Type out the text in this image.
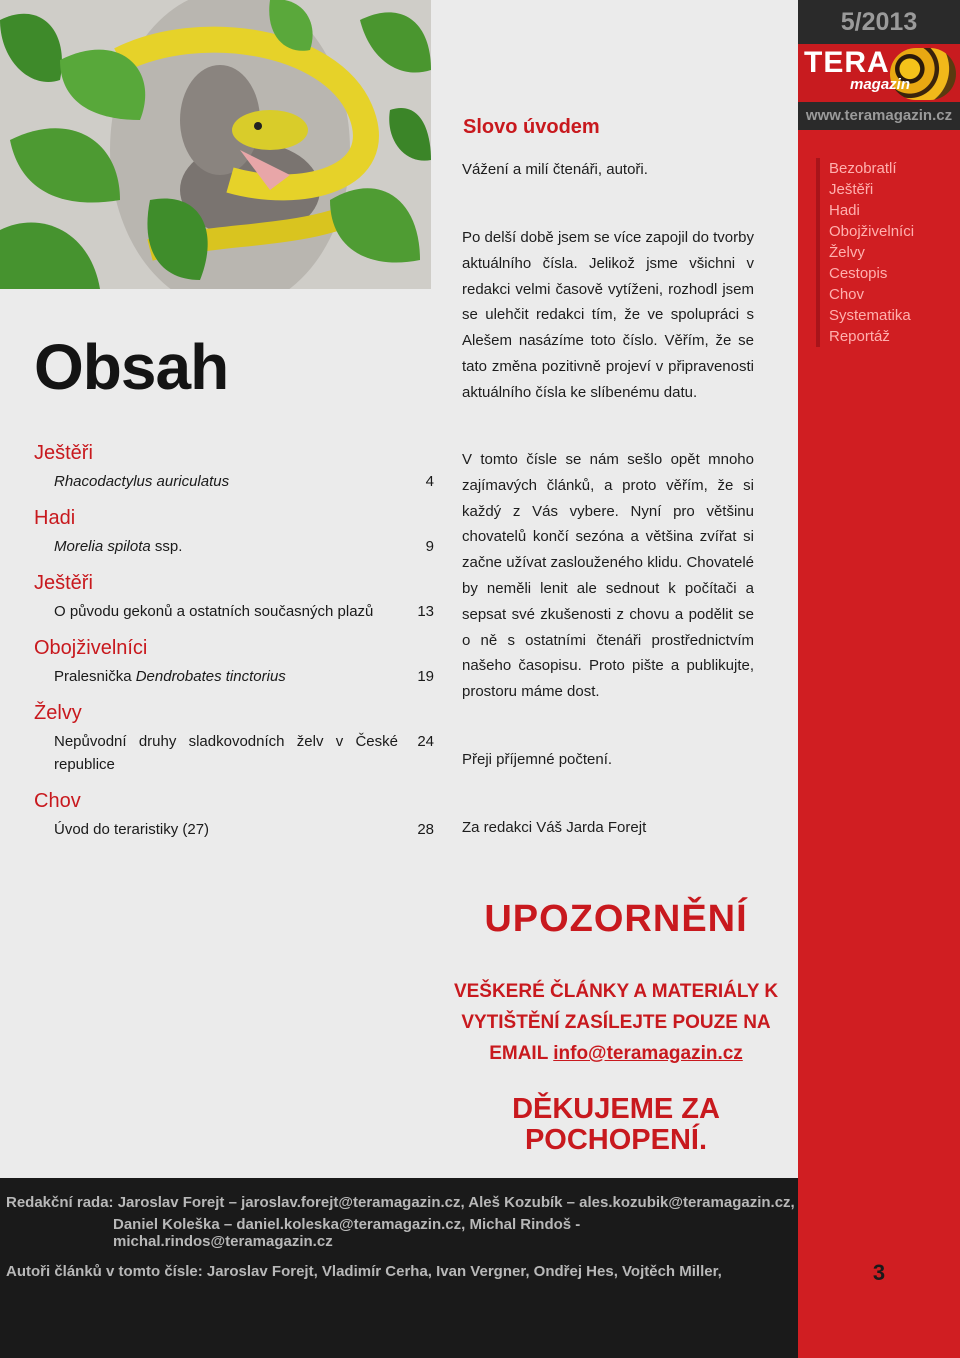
Obsah
Slovo úvodem

Vážení a milí čtenáři, autoři.

Po delší době jsem se více zapojil do tvorby aktuálního čísla. Jelikož jsme všichni v redakci velmi časově vytíženi, rozhodl jsem se ulehčit redakci tím, že ve spolupráci s Alešem nasázíme toto číslo. Věřím, že se tato změna pozitivně projeví v připravenosti aktuálního čísla ke slíbenému datu.

V tomto čísle se nám sešlo opět mnoho zajímavých článků, a proto věřím, že si každý z Vás vybere. Nyní pro většinu chovatelů končí sezóna a většina zvířat si začne užívat zaslouženého klidu. Chovatelé by neměli lenit ale sednout k počítači a sepsat své zkušenosti z chovu a podělit se o ně s ostatními čtenáři prostřednictvím našeho časopisu. Proto pište a publikujte, prostoru máme dost.

Přeji příjemné počtení.

Za redakci Váš Jarda Forejt

Ještěři
Rhacodactylus auriculatus	4
Hadi
Morelia spilota ssp.	9
Ještěři
O původu gekonů a ostatních současných plazů	13
Obojživelníci
Pralesnička Dendrobates tinctorius	19
Želvy
Nepůvodní druhy sladkovodních želv v České republice
24
Chov
Úvod do teraristiky (27)	28
UPOZORNĚNÍ
VEŠKERÉ ČLÁNKY A MATERIÁLY K
VYTIŠTĚNÍ ZASÍLEJTE POUZE NA
EMAIL info@teramagazin.cz
DĚKUJEME ZA
POCHOPENÍ.

Redakční rada: Jaroslav Forejt – jaroslav.forejt@teramagazin.cz, Aleš Kozubík – ales.kozubik@teramagazin.cz,

Daniel Koleška – daniel.koleska@teramagazin.cz, Michal Rindoš - michal.rindos@teramagazin.cz

Autoři článků v tomto čísle: Jaroslav Forejt, Vladimír Cerha, Ivan Vergner, Ondřej Hes, Vojtěch Miller,

5/2013
TERA
magazin
www.teramagazin.cz
Bezobratlí
Ještěři
Hadi
Obojživelníci
Želvy
Cestopis
Chov
Systematika
Reportáž
3
